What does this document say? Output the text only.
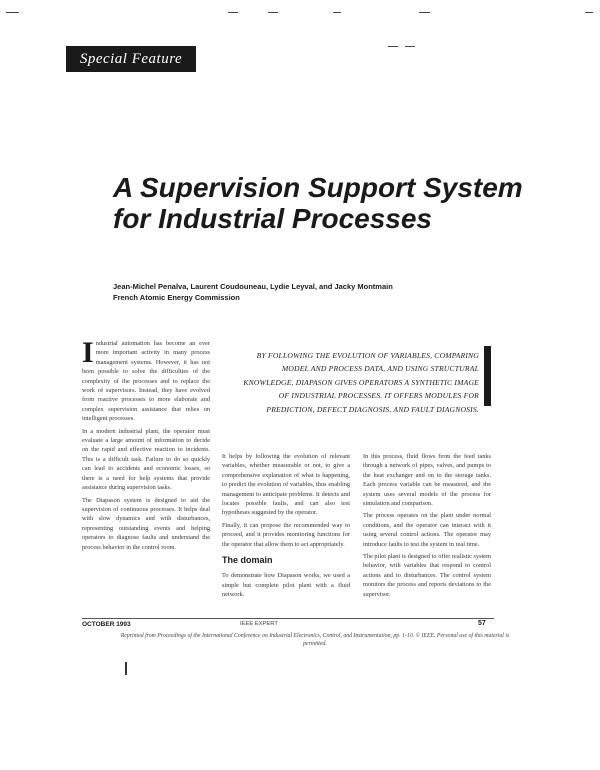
Special Feature
A Supervision Support System for Industrial Processes
Jean-Michel Penalva, Laurent Coudouneau, Lydie Leyval, and Jacky Montmain
French Atomic Energy Commission
BY FOLLOWING THE EVOLUTION OF VARIABLES, COMPARING MODEL AND PROCESS DATA, AND USING STRUCTURAL KNOWLEDGE, DIAPASON GIVES OPERATORS A SYNTHETIC IMAGE OF INDUSTRIAL PROCESSES. IT OFFERS MODULES FOR PREDICTION, DEFECT DIAGNOSIS, AND FAULT DIAGNOSIS.

Industrial automation has become an ever more important activity in many process management systems. However, it has not been possible to solve the difficulties of the complexity of the processes and to replace the work of supervisors. Instead, they have evolved from reactive processes to more elaborate and complex supervision assistance that relies on intelligent processes.

In a modern industrial plant, the operator must evaluate a large amount of information to decide on the rapid and effective reaction to incidents. This is a difficult task. Failure to do so quickly can lead to accidents and economic losses, so there is a need for help systems that provide assistance during supervision tasks.

The Diapason system is designed to aid the supervision of continuous processes. It helps deal with slow dynamics and with disturbances, representing outstanding events and helping operators to diagnose faults and understand the process behavior in the control room.

It helps by following the evolution of relevant variables, whether measurable or not, to give a comprehensive explanation of what is happening, to predict the evolution of variables, thus enabling management to anticipate problems. It detects and locates possible faults, and can also test hypotheses suggested by the operator.

Finally, it can propose the recommended way to proceed, and it provides monitoring functions for the operator that allow them to act appropriately.

The domain

To demonstrate how Diapason works, we used a simple but complete pilot plant with a fluid network.

In this process, fluid flows from the feed tanks through a network of pipes, valves, and pumps to the heat exchanger and on to the storage tanks. Each process variable can be measured, and the system uses several models of the process for simulation and comparison.

The process operates on the plant under normal conditions, and the operator can interact with it using several control actions. The operator may introduce faults to test the system in real time.

The pilot plant is designed to offer realistic system behavior, with variables that respond to control actions and to disturbances. The control system monitors the process and reports deviations to the supervisor.

OCTOBER 1993	IEEE EXPERT	57
Reprinted from Proceedings of the International Conference on Industrial Electronics, Control, and Instrumentation, pp. 1-10. © IEEE. Personal use of this material is permitted.
